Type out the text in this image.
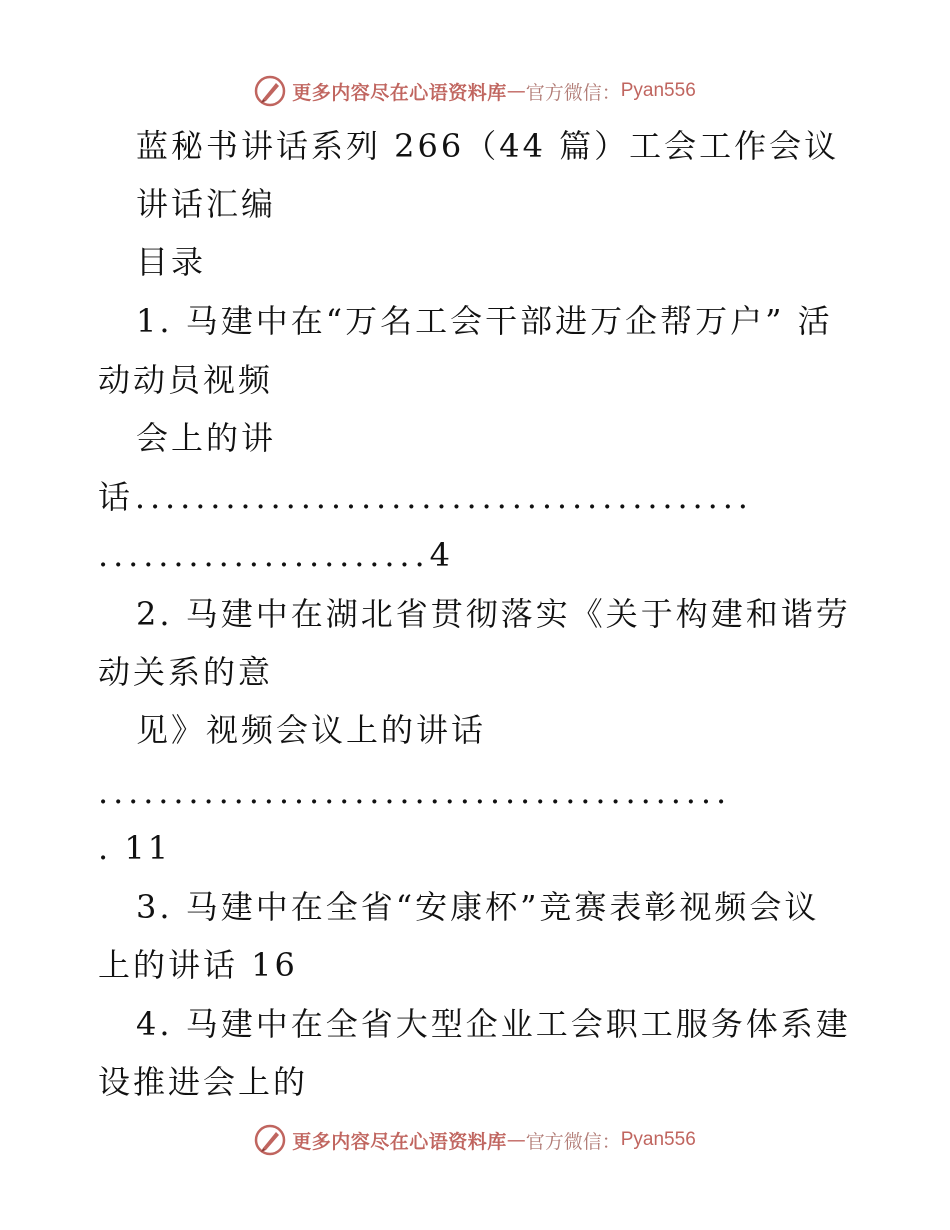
更多内容尽在心语资料库 — 官方微信： Pyan556
蓝秘书讲话系列 266（44 篇）工会工作会议
讲话汇编
目录
1. 马建中在“万名工会干部进万企帮万户” 活
动动员视频
会上的讲
话.........................................
......................4
2. 马建中在湖北省贯彻落实《关于构建和谐劳
动关系的意
见》视频会议上的讲话
..........................................
. 11
3. 马建中在全省“安康杯”竞赛表彰视频会议
上的讲话 16
4. 马建中在全省大型企业工会职工服务体系建
设推进会上的
更多内容尽在心语资料库 — 官方微信： Pyan556
